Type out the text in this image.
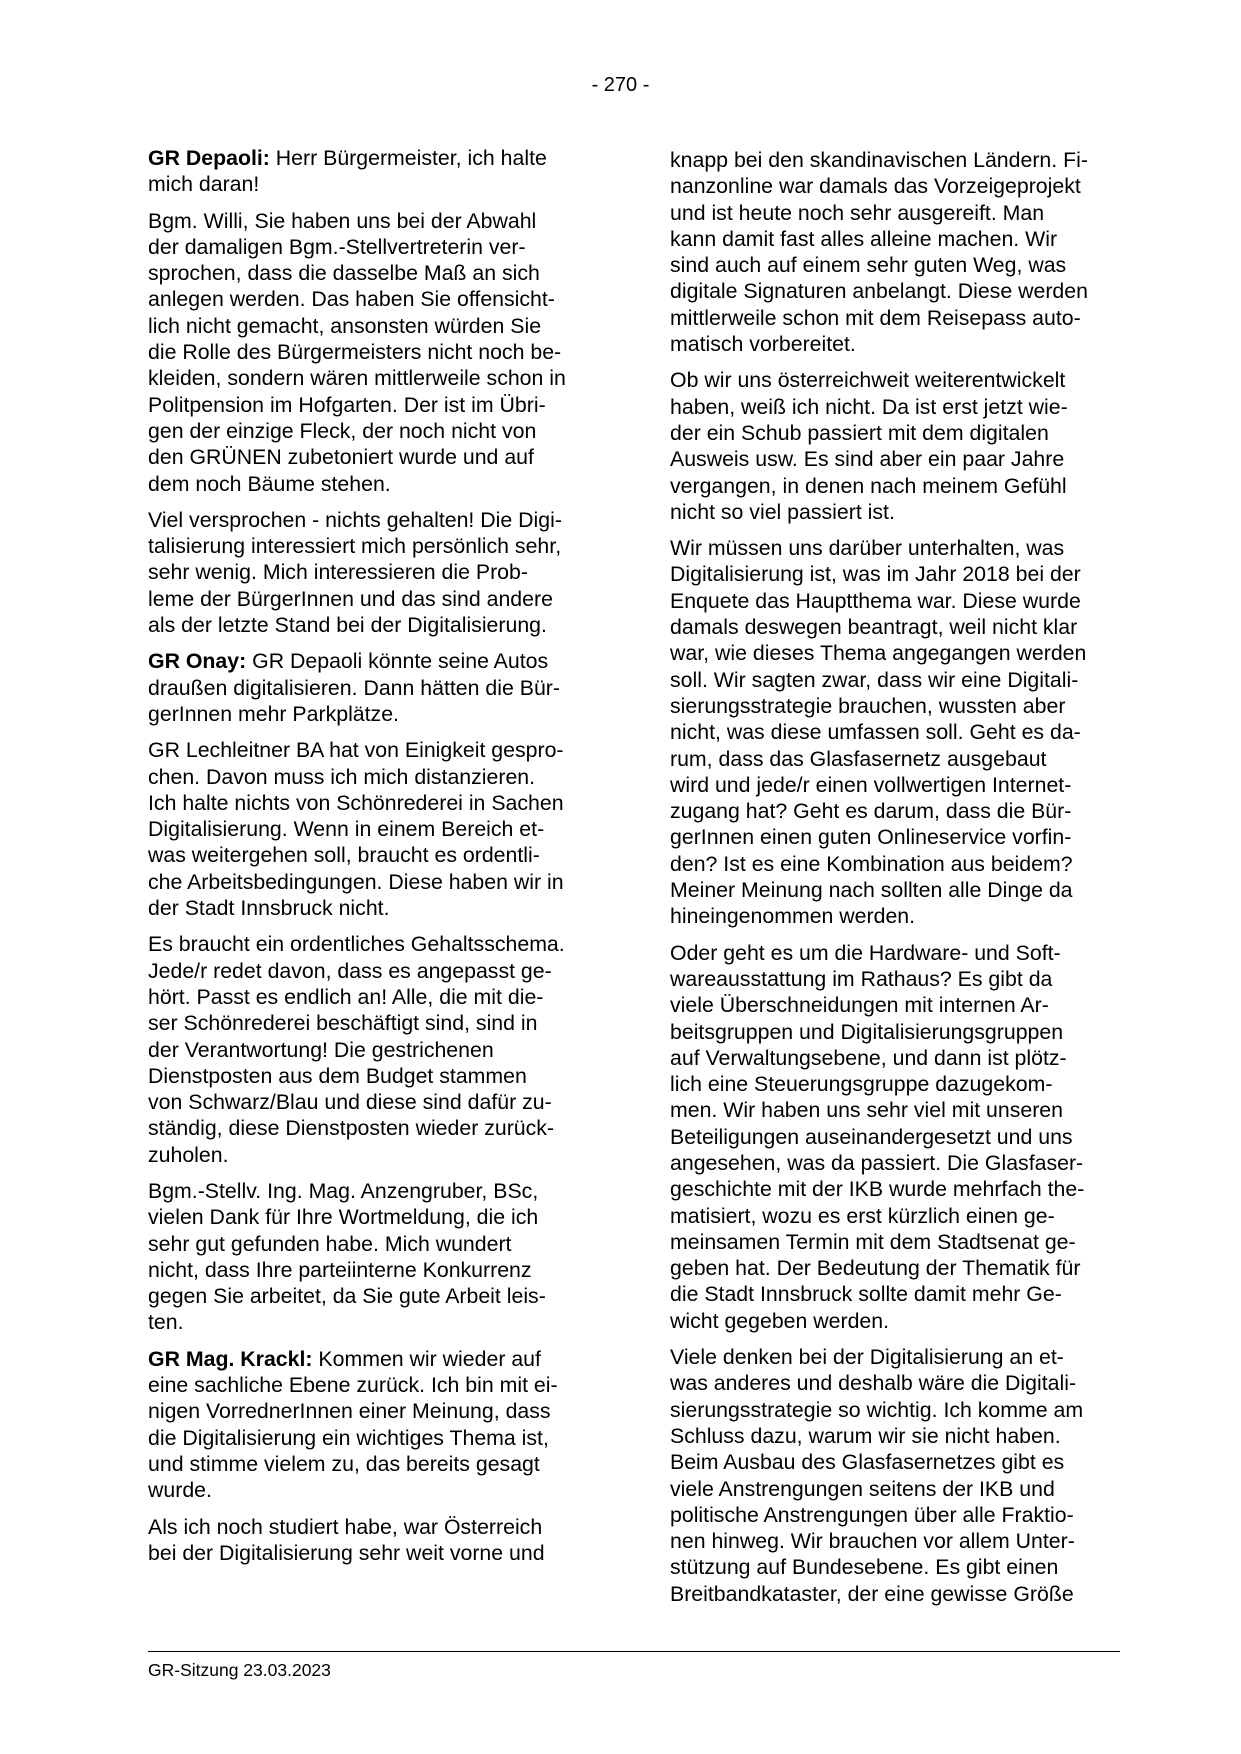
- 270 -

GR Depaoli: Herr Bürgermeister, ich halte
mich daran!

Bgm. Willi, Sie haben uns bei der Abwahl
der damaligen Bgm.-Stellvertreterin ver-
sprochen, dass die dasselbe Maß an sich
anlegen werden. Das haben Sie offensicht-
lich nicht gemacht, ansonsten würden Sie
die Rolle des Bürgermeisters nicht noch be-
kleiden, sondern wären mittlerweile schon in
Politpension im Hofgarten. Der ist im Übri-
gen der einzige Fleck, der noch nicht von
den GRÜNEN zubetoniert wurde und auf
dem noch Bäume stehen.

Viel versprochen - nichts gehalten! Die Digi-
talisierung interessiert mich persönlich sehr,
sehr wenig. Mich interessieren die Prob-
leme der BürgerInnen und das sind andere
als der letzte Stand bei der Digitalisierung.

GR Onay: GR Depaoli könnte seine Autos
draußen digitalisieren. Dann hätten die Bür-
gerInnen mehr Parkplätze.

GR Lechleitner BA hat von Einigkeit gespro-
chen. Davon muss ich mich distanzieren.
Ich halte nichts von Schönrederei in Sachen
Digitalisierung. Wenn in einem Bereich et-
was weitergehen soll, braucht es ordentli-
che Arbeitsbedingungen. Diese haben wir in
der Stadt Innsbruck nicht.

Es braucht ein ordentliches Gehaltsschema.
Jede/r redet davon, dass es angepasst ge-
hört. Passt es endlich an! Alle, die mit die-
ser Schönrederei beschäftigt sind, sind in
der Verantwortung! Die gestrichenen
Dienstposten aus dem Budget stammen
von Schwarz/Blau und diese sind dafür zu-
ständig, diese Dienstposten wieder zurück-
zuholen.

Bgm.-Stellv. Ing. Mag. Anzengruber, BSc,
vielen Dank für Ihre Wortmeldung, die ich
sehr gut gefunden habe. Mich wundert
nicht, dass Ihre parteiinterne Konkurrenz
gegen Sie arbeitet, da Sie gute Arbeit leis-
ten.

GR Mag. Krackl: Kommen wir wieder auf
eine sachliche Ebene zurück. Ich bin mit ei-
nigen VorrednerInnen einer Meinung, dass
die Digitalisierung ein wichtiges Thema ist,
und stimme vielem zu, das bereits gesagt
wurde.

Als ich noch studiert habe, war Österreich
bei der Digitalisierung sehr weit vorne und

knapp bei den skandinavischen Ländern. Fi-
nanzonline war damals das Vorzeigeprojekt
und ist heute noch sehr ausgereift. Man
kann damit fast alles alleine machen. Wir
sind auch auf einem sehr guten Weg, was
digitale Signaturen anbelangt. Diese werden
mittlerweile schon mit dem Reisepass auto-
matisch vorbereitet.

Ob wir uns österreichweit weiterentwickelt
haben, weiß ich nicht. Da ist erst jetzt wie-
der ein Schub passiert mit dem digitalen
Ausweis usw. Es sind aber ein paar Jahre
vergangen, in denen nach meinem Gefühl
nicht so viel passiert ist.

Wir müssen uns darüber unterhalten, was
Digitalisierung ist, was im Jahr 2018 bei der
Enquete das Hauptthema war. Diese wurde
damals deswegen beantragt, weil nicht klar
war, wie dieses Thema angegangen werden
soll. Wir sagten zwar, dass wir eine Digitali-
sierungsstrategie brauchen, wussten aber
nicht, was diese umfassen soll. Geht es da-
rum, dass das Glasfasernetz ausgebaut
wird und jede/r einen vollwertigen Internet-
zugang hat? Geht es darum, dass die Bür-
gerInnen einen guten Onlineservice vorfin-
den? Ist es eine Kombination aus beidem?
Meiner Meinung nach sollten alle Dinge da
hineingenommen werden.

Oder geht es um die Hardware- und Soft-
wareausstattung im Rathaus? Es gibt da
viele Überschneidungen mit internen Ar-
beitsgruppen und Digitalisierungsgruppen
auf Verwaltungsebene, und dann ist plötz-
lich eine Steuerungsgruppe dazugekom-
men. Wir haben uns sehr viel mit unseren
Beteiligungen auseinandergesetzt und uns
angesehen, was da passiert. Die Glasfaser-
geschichte mit der IKB wurde mehrfach the-
matisiert, wozu es erst kürzlich einen ge-
meinsamen Termin mit dem Stadtsenat ge-
geben hat. Der Bedeutung der Thematik für
die Stadt Innsbruck sollte damit mehr Ge-
wicht gegeben werden.

Viele denken bei der Digitalisierung an et-
was anderes und deshalb wäre die Digitali-
sierungsstrategie so wichtig. Ich komme am
Schluss dazu, warum wir sie nicht haben.
Beim Ausbau des Glasfasernetzes gibt es
viele Anstrengungen seitens der IKB und
politische Anstrengungen über alle Fraktio-
nen hinweg. Wir brauchen vor allem Unter-
stützung auf Bundesebene. Es gibt einen
Breitbandkataster, der eine gewisse Größe

GR-Sitzung 23.03.2023
